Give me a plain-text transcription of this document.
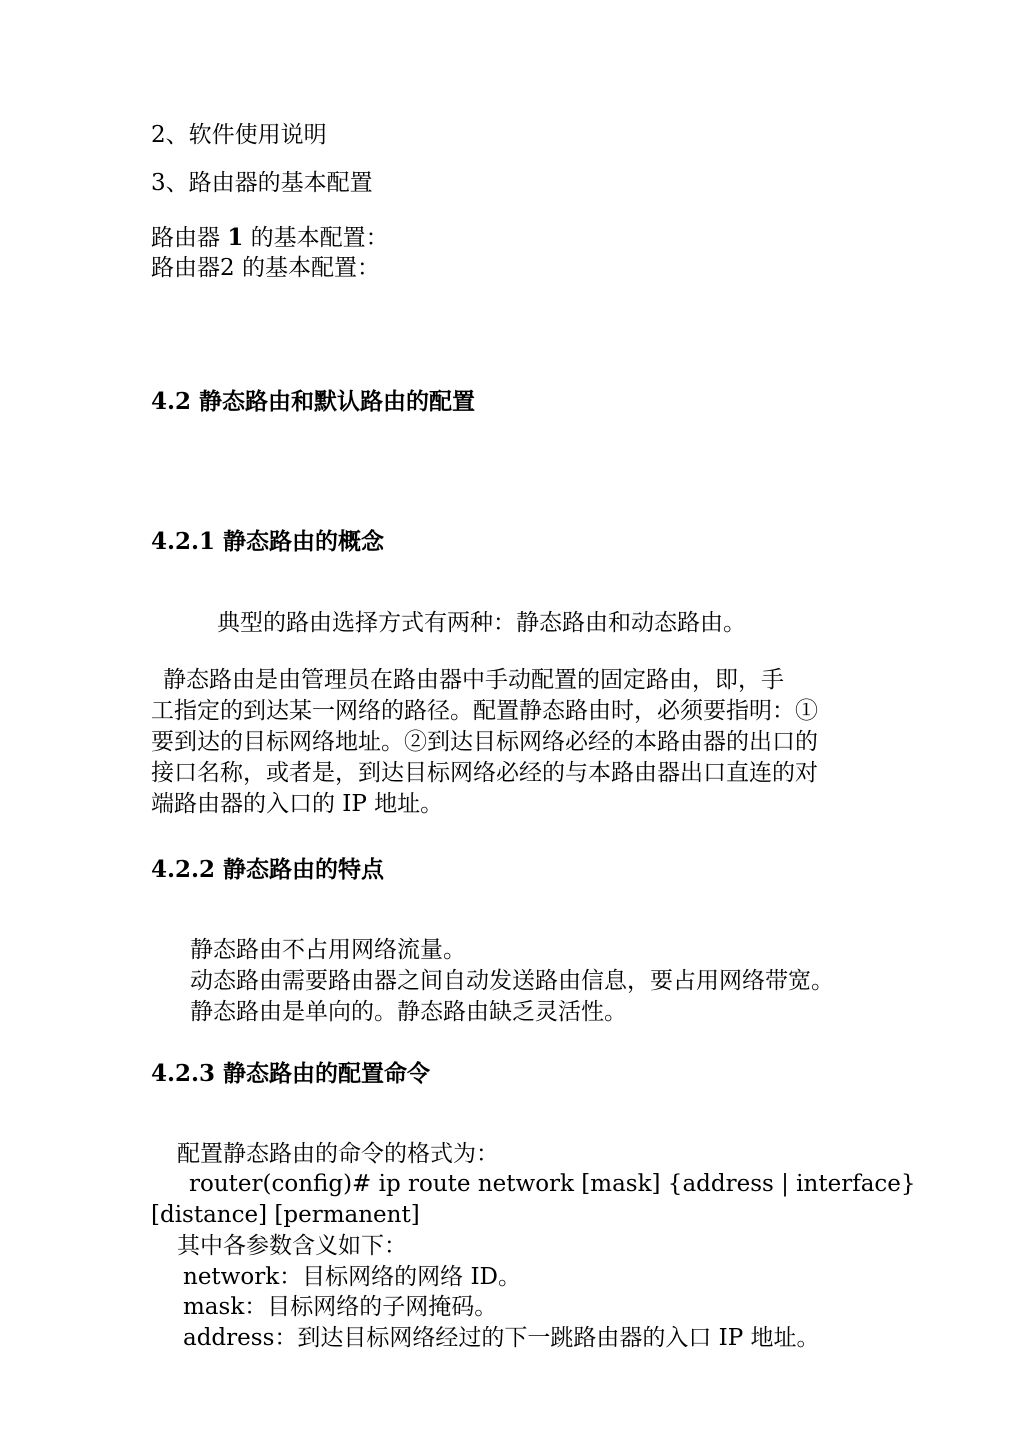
2、软件使用说明
3、路由器的基本配置
路由器 1 的基本配置：
路由器2 的基本配置：
4.2 静态路由和默认路由的配置
4.2.1 静态路由的概念
典型的路由选择方式有两种：静态路由和动态路由。
静态路由是由管理员在路由器中手动配置的固定路由，即，手
工指定的到达某一网络的路径。配置静态路由时，必须要指明：①
要到达的目标网络地址。②到达目标网络必经的本路由器的出口的
接口名称，或者是，到达目标网络必经的与本路由器出口直连的对
端路由器的入口的 IP 地址。
4.2.2 静态路由的特点
静态路由不占用网络流量。
动态路由需要路由器之间自动发送路由信息，要占用网络带宽。
静态路由是单向的。静态路由缺乏灵活性。
4.2.3 静态路由的配置命令
配置静态路由的命令的格式为：
router(config)# ip route network [mask] {address | interface}
[distance] [permanent]
其中各参数含义如下：
network：目标网络的网络 ID。
mask：目标网络的子网掩码。
address：到达目标网络经过的下一跳路由器的入口 IP 地址。
